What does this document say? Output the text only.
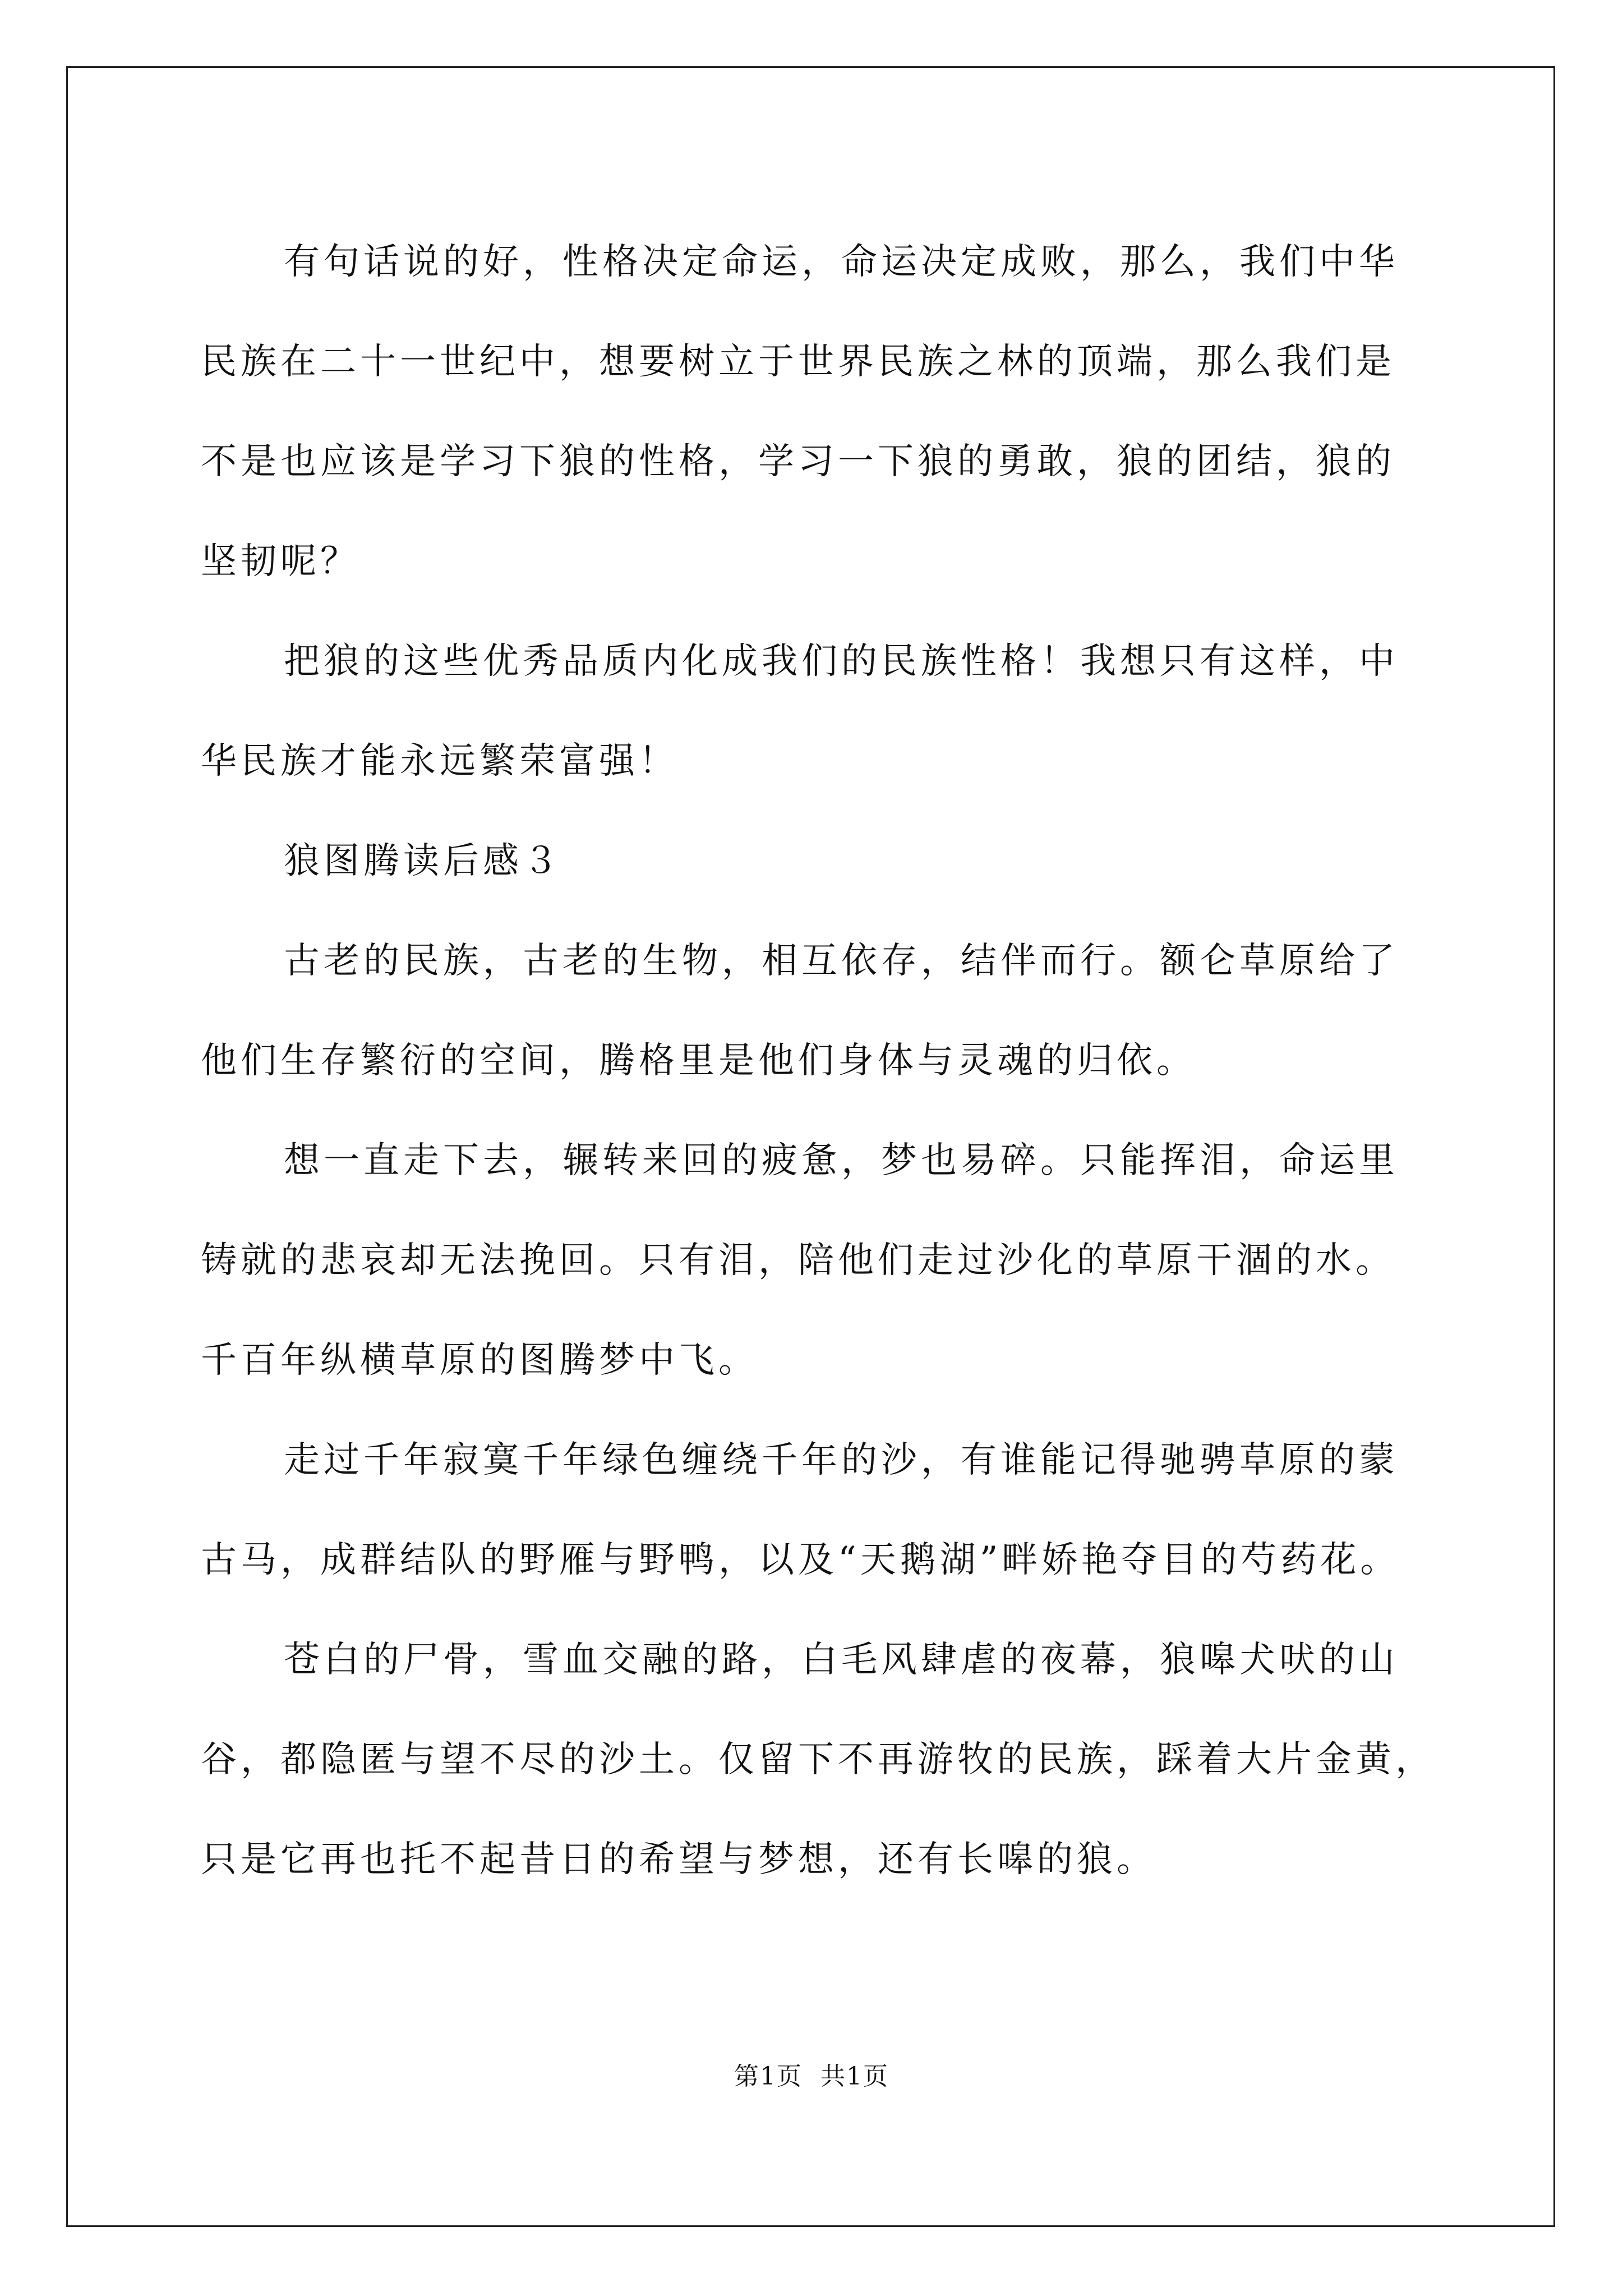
有句话说的好，性格决定命运，命运决定成败，那么，我们中华
民族在二十一世纪中，想要树立于世界民族之林的顶端，那么我们是
不是也应该是学习下狼的性格，学习一下狼的勇敢，狼的团结，狼的
坚韧呢？
把狼的这些优秀品质内化成我们的民族性格！我想只有这样，中
华民族才能永远繁荣富强！
狼图腾读后感３
古老的民族，古老的生物，相互依存，结伴而行。额仑草原给了
他们生存繁衍的空间，腾格里是他们身体与灵魂的归依。
想一直走下去，辗转来回的疲惫，梦也易碎。只能挥泪，命运里
铸就的悲哀却无法挽回。只有泪，陪他们走过沙化的草原干涸的水。
千百年纵横草原的图腾梦中飞。
走过千年寂寞千年绿色缠绕千年的沙，有谁能记得驰骋草原的蒙
古马，成群结队的野雁与野鸭，以及“天鹅湖”畔娇艳夺目的芍药花。
苍白的尸骨，雪血交融的路，白毛风肆虐的夜幕，狼嗥犬吠的山
谷，都隐匿与望不尽的沙土。仅留下不再游牧的民族，踩着大片金黄，
只是它再也托不起昔日的希望与梦想，还有长嗥的狼。
第1页  共1页
